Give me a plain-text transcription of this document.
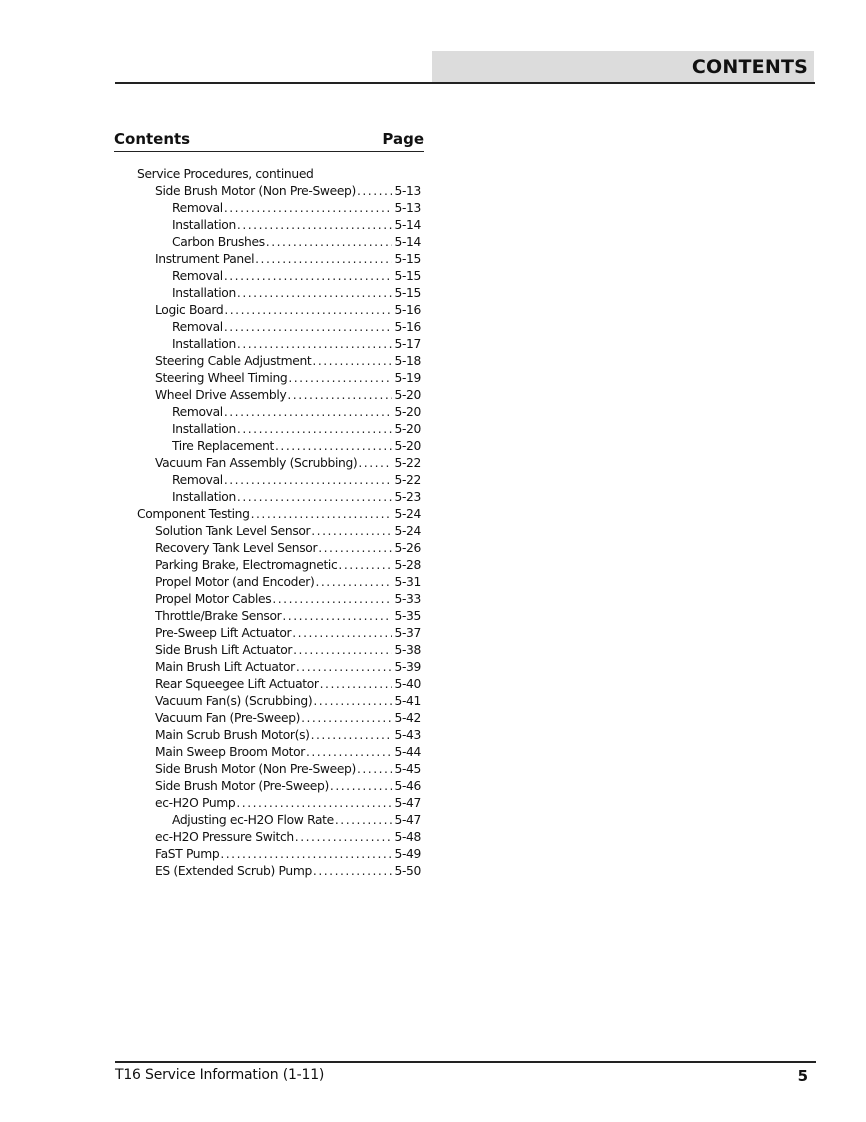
CONTENTS
Contents	Page
Service Procedures, continued
Side Brush Motor (Non Pre-Sweep) . . .	5-13
Removal . . .	5-13
Installation . . .	5-14
Carbon Brushes . . .	5-14
Instrument Panel . . .	5-15
Removal . . .	5-15
Installation . . .	5-15
Logic Board . . .	5-16
Removal . . .	5-16
Installation . . .	5-17
Steering Cable Adjustment . . .	5-18
Steering Wheel Timing . . .	5-19
Wheel Drive Assembly . . .	5-20
Removal . . .	5-20
Installation . . .	5-20
Tire Replacement . . .	5-20
Vacuum Fan Assembly (Scrubbing) . . .	5-22
Removal . . .	5-22
Installation . . .	5-23
Component Testing . . .	5-24
Solution Tank Level Sensor . . .	5-24
Recovery Tank Level Sensor . . .	5-26
Parking Brake, Electromagnetic . . .	5-28
Propel Motor (and Encoder) . . .	5-31
Propel Motor Cables . . .	5-33
Throttle/Brake Sensor . . .	5-35
Pre-Sweep Lift Actuator . . .	5-37
Side Brush Lift Actuator . . .	5-38
Main Brush Lift Actuator . . .	5-39
Rear Squeegee Lift Actuator . . .	5-40
Vacuum Fan(s) (Scrubbing) . . .	5-41
Vacuum Fan (Pre-Sweep) . . .	5-42
Main Scrub Brush Motor(s) . . .	5-43
Main Sweep Broom Motor . . .	5-44
Side Brush Motor (Non Pre-Sweep) . . .	5-45
Side Brush Motor (Pre-Sweep) . . .	5-46
ec-H2O Pump . . .	5-47
Adjusting ec-H2O Flow Rate . . .	5-47
ec-H2O Pressure Switch . . .	5-48
FaST Pump . . .	5-49
ES (Extended Scrub) Pump . . .	5-50
T16 Service Information (1-11)	5
